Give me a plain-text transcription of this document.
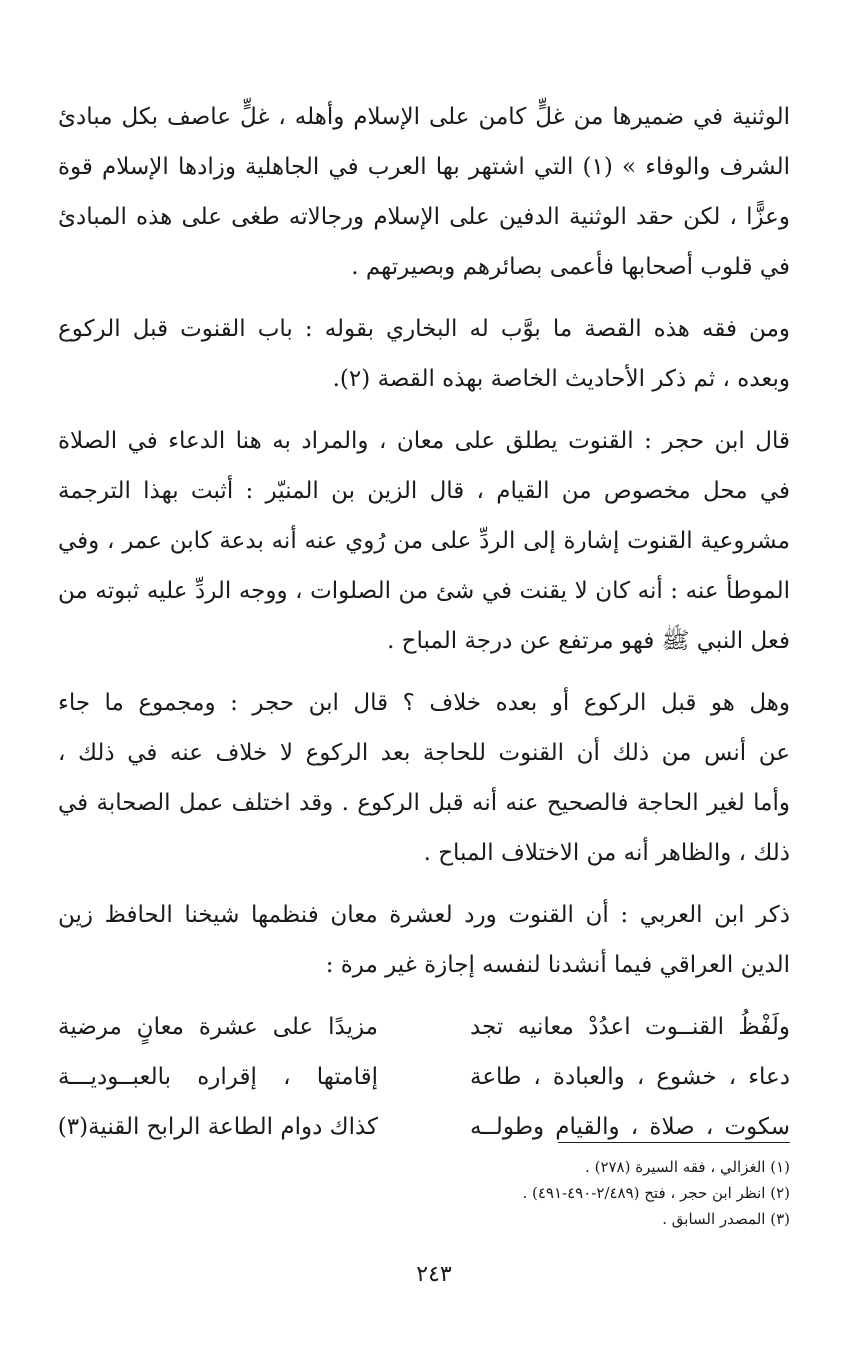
الوثنية في ضميرها من غلٍّ كامن على الإسلام وأهله ، غلٍّ عاصف بكل مبادئ
الشرف والوفاء » (١) التي اشتهر بها العرب في الجاهلية وزادها الإسلام قوة
وعزًّا ، لكن حقد الوثنية الدفين على الإسلام ورجالاته طغى على هذه المبادئ
في قلوب أصحابها فأعمى بصائرهم وبصيرتهم .

ومن فقه هذه القصة ما بوَّب له البخاري بقوله : باب القنوت قبل الركوع
وبعده ، ثم ذكر الأحاديث الخاصة بهذه القصة (٢).

قال ابن حجر : القنوت يطلق على معان ، والمراد به هنا الدعاء في الصلاة
في محل مخصوص من القيام ، قال الزين بن المنيّر : أثبت بهذا الترجمة
مشروعية القنوت إشارة إلى الردِّ على من رُوي عنه أنه بدعة كابن عمر ، وفي
الموطأ عنه : أنه كان لا يقنت في شئ من الصلوات ، ووجه الردِّ عليه ثبوته من
فعل النبي ﷺ فهو مرتفع عن درجة المباح .

وهل هو قبل الركوع أو بعده خلاف ؟ قال ابن حجر : ومجموع ما جاء
عن أنس من ذلك أن القنوت للحاجة بعد الركوع لا خلاف عنه في ذلك ،
وأما لغير الحاجة فالصحيح عنه أنه قبل الركوع . وقد اختلف عمل الصحابة في
ذلك ، والظاهر أنه من الاختلاف المباح .

ذكر ابن العربي : أن القنوت ورد لعشرة معان فنظمها شيخنا الحافظ زين
الدين العراقي فيما أنشدنا لنفسه إجازة غير مرة :

ولَفْظُ القنــوت اعدُدْ معانيه تجد
مزيدًا على عشرة معانٍ مرضية
دعاء ، خشوع ، والعبادة ، طاعة
إقامتها ، إقراره بالعبــوديـــة
سكوت ، صلاة ، والقيام وطولــه
كذاك دوام الطاعة الرابح القنية(٣)
(١) الغزالي ، فقه السيرة (٢٧٨) .
(٢) انظر ابن حجر ، فتح (٢/٤٨٩-٤٩٠-٤٩١) .
(٣) المصدر السابق .
٢٤٣
